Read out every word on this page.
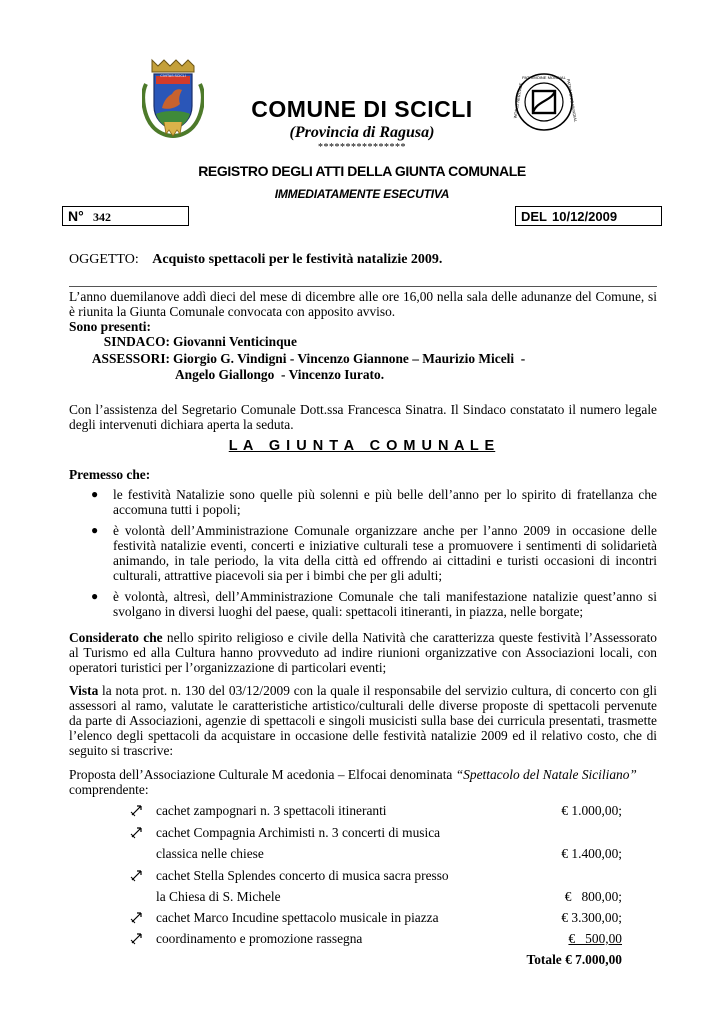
CIVITAS SCICLI	PATRIMOINE MONDIAL
WORLD HERITAGE	PATRIMONIO MUNDIAL
COMUNE DI SCICLI
(Provincia di Ragusa)
****************
REGISTRO DEGLI ATTI DELLA GIUNTA COMUNALE
IMMEDIATAMENTE ESECUTIVA
N° 342	DEL 10/12/2009
OGGETTO: Acquisto spettacoli per le festività natalizie 2009.
L’anno duemilanove addì dieci del mese di dicembre alle ore 16,00 nella sala delle adunanze del Comune, si è riunita la Giunta Comunale convocata con apposito avviso.
Sono presenti:
SINDACO: Giovanni Venticinque
ASSESSORI: Giorgio G. Vindigni - Vincenzo Giannone – Maurizio Miceli  -
Angelo Giallongo  - Vincenzo Iurato.
Con l’assistenza del Segretario Comunale Dott.ssa Francesca Sinatra. Il Sindaco constatato il numero legale degli intervenuti dichiara aperta la seduta.
L A   G I U N T A   C O M U N A L E
Premesso che:
● le festività Natalizie sono quelle più solenni e più belle dell’anno per lo spirito di fratellanza che accomuna tutti i popoli;
● è volontà dell’Amministrazione Comunale organizzare anche per l’anno 2009 in occasione delle festività natalizie eventi, concerti e iniziative culturali tese a promuovere i sentimenti di solidarietà animando, in tale periodo, la vita della città ed offrendo ai cittadini e turisti occasioni di incontri culturali, attrattive piacevoli sia per i bimbi che per gli adulti;
● è volontà, altresì, dell’Amministrazione Comunale che tali manifestazione natalizie quest’anno si svolgano in diversi luoghi del paese, quali: spettacoli itineranti, in piazza, nelle borgate;
Considerato che nello spirito religioso e civile della Natività che caratterizza queste festività l’Assessorato al Turismo ed alla Cultura hanno provveduto ad indire riunioni organizzative con Associazioni locali, con operatori turistici per l’organizzazione di particolari eventi;
Vista la nota prot. n. 130 del 03/12/2009 con la quale il responsabile del servizio cultura, di concerto con gli assessori al ramo, valutate le caratteristiche artistico/culturali delle diverse proposte di spettacoli pervenute da parte di Associazioni, agenzie di spettacoli e singoli musicisti sulla base dei curricula presentati, trasmette l’elenco degli spettacoli da acquistare in occasione delle festività natalizie 2009 ed il relativo costo, che di seguito si trascrive:
Proposta dell’Associazione Culturale M acedonia – Elfocai denominata “Spettacolo del Natale Siciliano”
comprendente:
cachet zampognari n. 3 spettacoli itineranti	€ 1.000,00;
cachet Compagnia Archimisti n. 3 concerti di musica
classica nelle chiese	€ 1.400,00;
cachet Stella Splendes concerto di musica sacra presso
la Chiesa di S. Michele	€   800,00;
cachet Marco Incudine spettacolo musicale in piazza	€ 3.300,00;
coordinamento e promozione rassegna	€   500,00
Totale € 7.000,00
